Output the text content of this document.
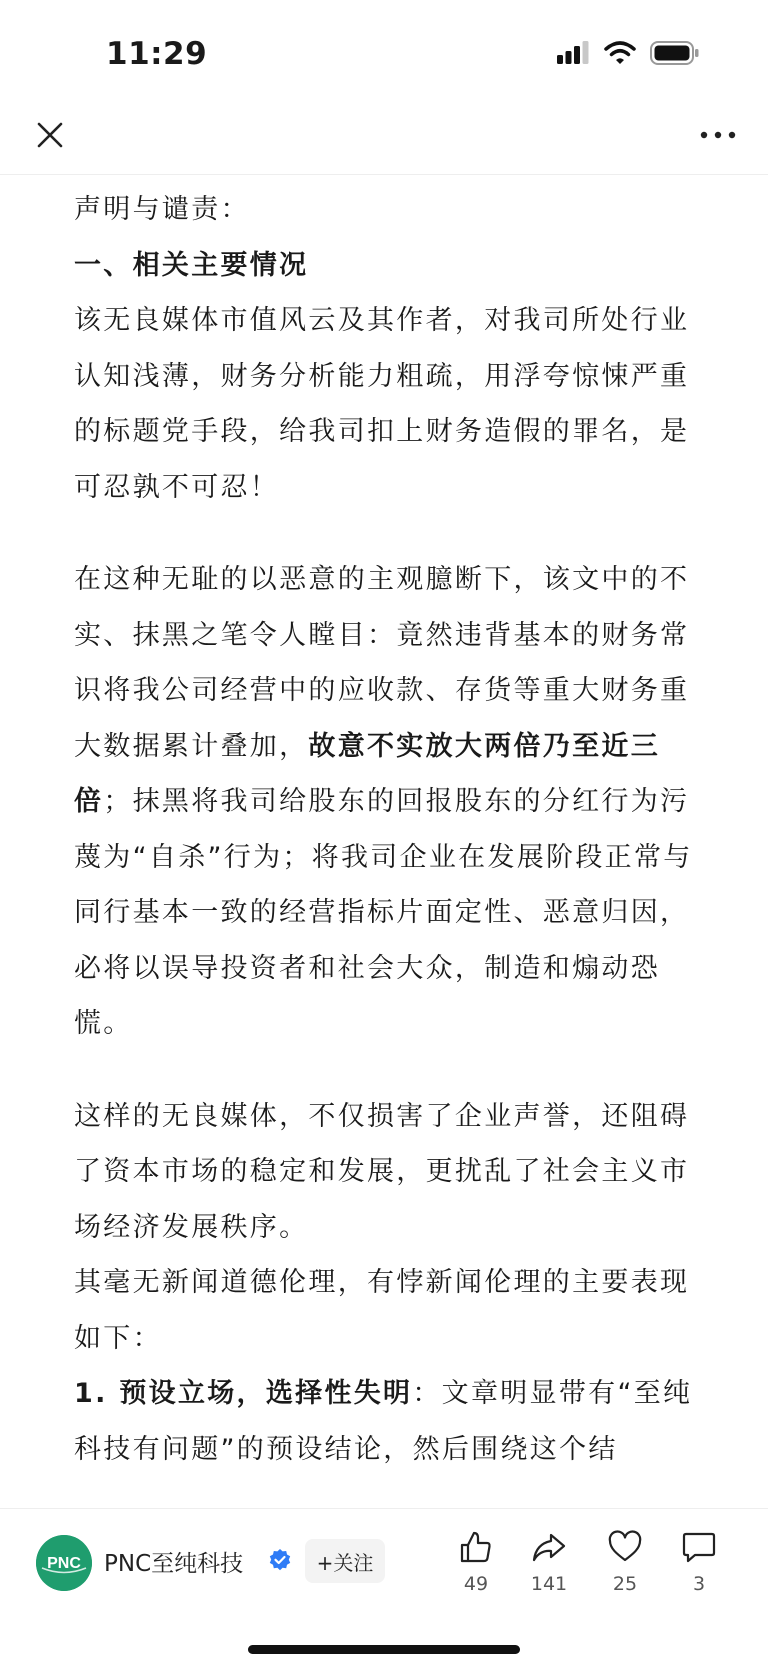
11:29

声明与谴责：

一、相关主要情况

该无良媒体市值风云及其作者，对我司所处行业认知浅薄，财务分析能力粗疏，用浮夸惊悚严重的标题党手段，给我司扣上财务造假的罪名，是可忍孰不可忍！

在这种无耻的以恶意的主观臆断下，该文中的不实、抹黑之笔令人瞠目：竟然违背基本的财务常识将我公司经营中的应收款、存货等重大财务重大数据累计叠加，故意不实放大两倍乃至近三倍；抹黑将我司给股东的回报股东的分红行为污蔑为“自杀”行为；将我司企业在发展阶段正常与同行基本一致的经营指标片面定性、恶意归因，必将以误导投资者和社会大众，制造和煽动恐慌。

这样的无良媒体，不仅损害了企业声誉，还阻碍了资本市场的稳定和发展，更扰乱了社会主义市场经济发展秩序。

其毫无新闻道德伦理，有悖新闻伦理的主要表现如下：

1. 预设立场，选择性失明：文章明显带有“至纯科技有问题”的预设结论，然后围绕这个结

PNC PNC至纯科技	+关注
49	141	25	3
